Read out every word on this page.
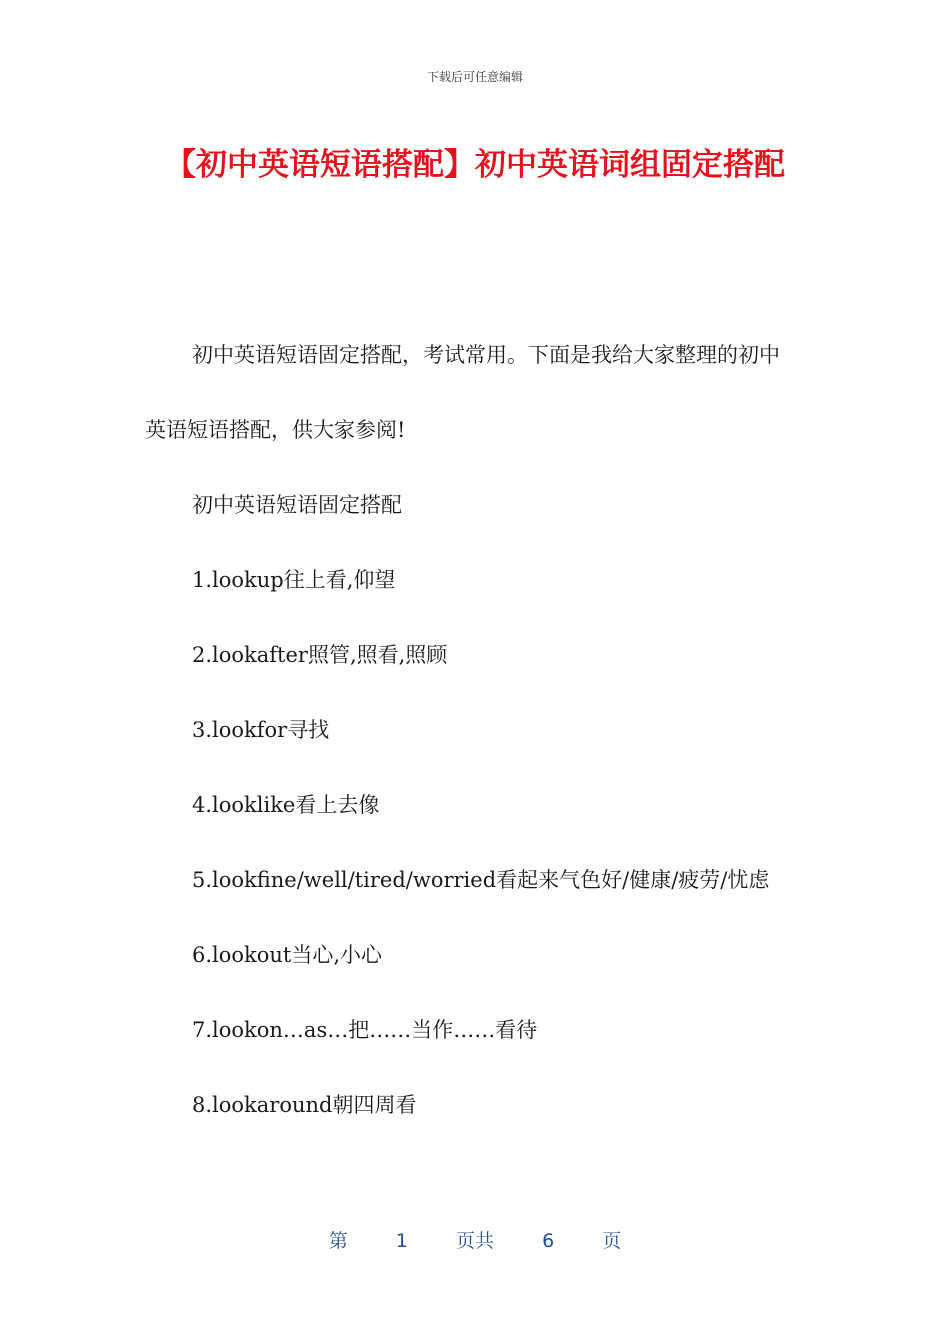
下载后可任意编辑
【初中英语短语搭配】初中英语词组固定搭配

初中英语短语固定搭配，考试常用。下面是我给大家整理的初中英语短语搭配，供大家参阅!

初中英语短语固定搭配

1.lookup往上看,仰望

2.lookafter照管,照看,照顾

3.lookfor寻找

4.looklike看上去像

5.lookfine/well/tired/worried看起来气色好/健康/疲劳/忧虑

6.lookout当心,小心

7.lookon…as…把……当作……看待

8.lookaround朝四周看

第	1	页共	6	页
